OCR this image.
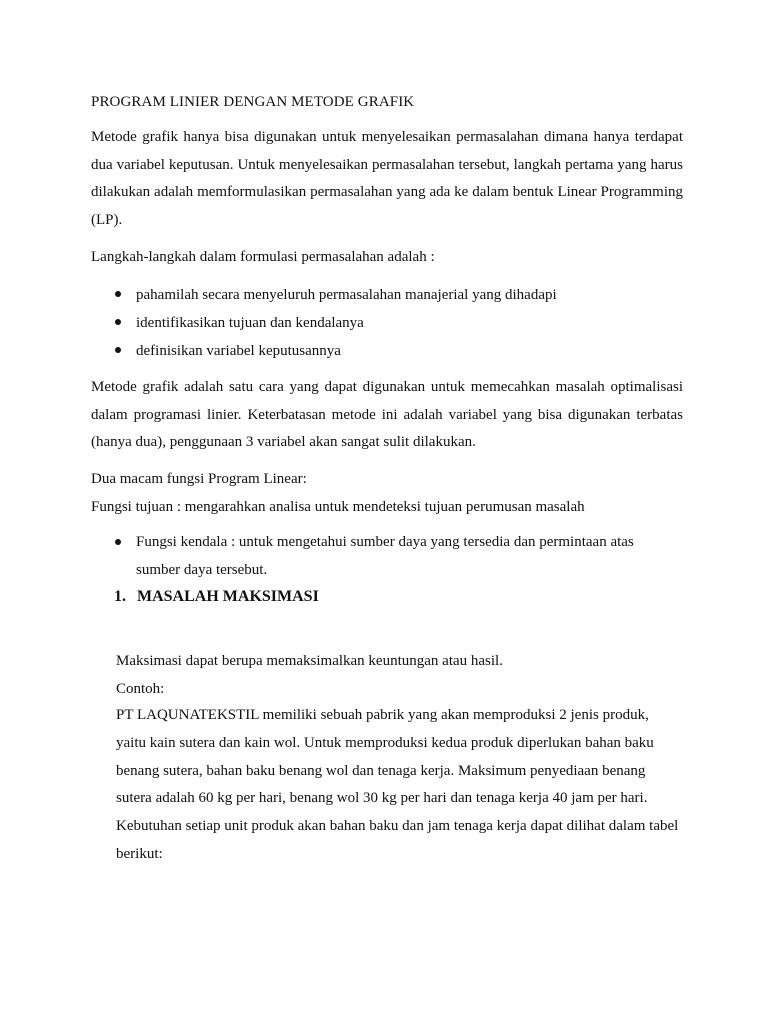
PROGRAM LINIER DENGAN METODE GRAFIK

Metode grafik hanya bisa digunakan untuk menyelesaikan permasalahan dimana hanya terdapat dua variabel keputusan. Untuk menyelesaikan permasalahan tersebut, langkah pertama yang harus dilakukan adalah memformulasikan permasalahan yang ada ke dalam bentuk Linear Programming (LP).

Langkah-langkah dalam formulasi permasalahan adalah :

pahamilah secara menyeluruh permasalahan manajerial yang dihadapi
identifikasikan tujuan dan kendalanya
definisikan variabel keputusannya

Metode grafik adalah satu cara yang dapat digunakan untuk memecahkan masalah optimalisasi dalam programasi linier. Keterbatasan metode ini adalah variabel yang bisa digunakan terbatas (hanya dua), penggunaan 3 variabel akan sangat sulit dilakukan.

Dua macam fungsi Program Linear:
Fungsi tujuan : mengarahkan analisa untuk mendeteksi tujuan perumusan masalah
Fungsi kendala : untuk mengetahui sumber daya yang tersedia dan permintaan atas sumber daya tersebut.
1. MASALAH MAKSIMASI

Maksimasi dapat berupa memaksimalkan keuntungan atau hasil.

Contoh:

PT LAQUNATEKSTIL memiliki sebuah pabrik yang akan memproduksi 2 jenis produk, yaitu kain sutera dan kain wol. Untuk memproduksi kedua produk diperlukan bahan baku benang sutera, bahan baku benang wol dan tenaga kerja. Maksimum penyediaan benang sutera adalah 60 kg per hari, benang wol 30 kg per hari dan tenaga kerja 40 jam per hari. Kebutuhan setiap unit produk akan bahan baku dan jam tenaga kerja dapat dilihat dalam tabel berikut:
